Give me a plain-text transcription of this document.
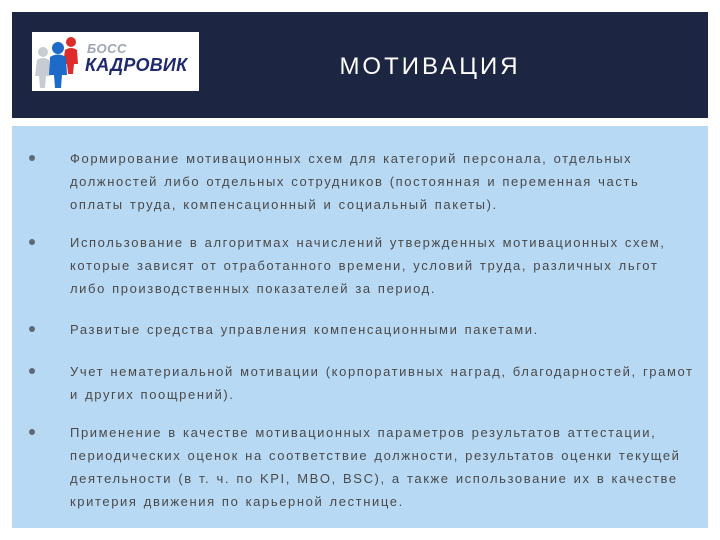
БОСС
КАДРОВИК	МОТИВАЦИЯ
Формирование мотивационных схем для категорий персонала, отдельных должностей либо отдельных сотрудников (постоянная и переменная часть оплаты труда, компенсационный и социальный пакеты).
Использование в алгоритмах начислений утвержденных мотивационных схем, которые зависят от отработанного времени, условий труда, различных льгот либо производственных показателей за период.
Развитые средства управления компенсационными пакетами.
Учет нематериальной мотивации (корпоративных наград, благодарностей, грамот и других поощрений).
Применение в качестве мотивационных параметров результатов аттестации, периодических оценок на соответствие должности, результатов оценки текущей деятельности (в т. ч. по KPI, MBO, BSC), а также использование их в качестве критерия движения по карьерной лестнице.
